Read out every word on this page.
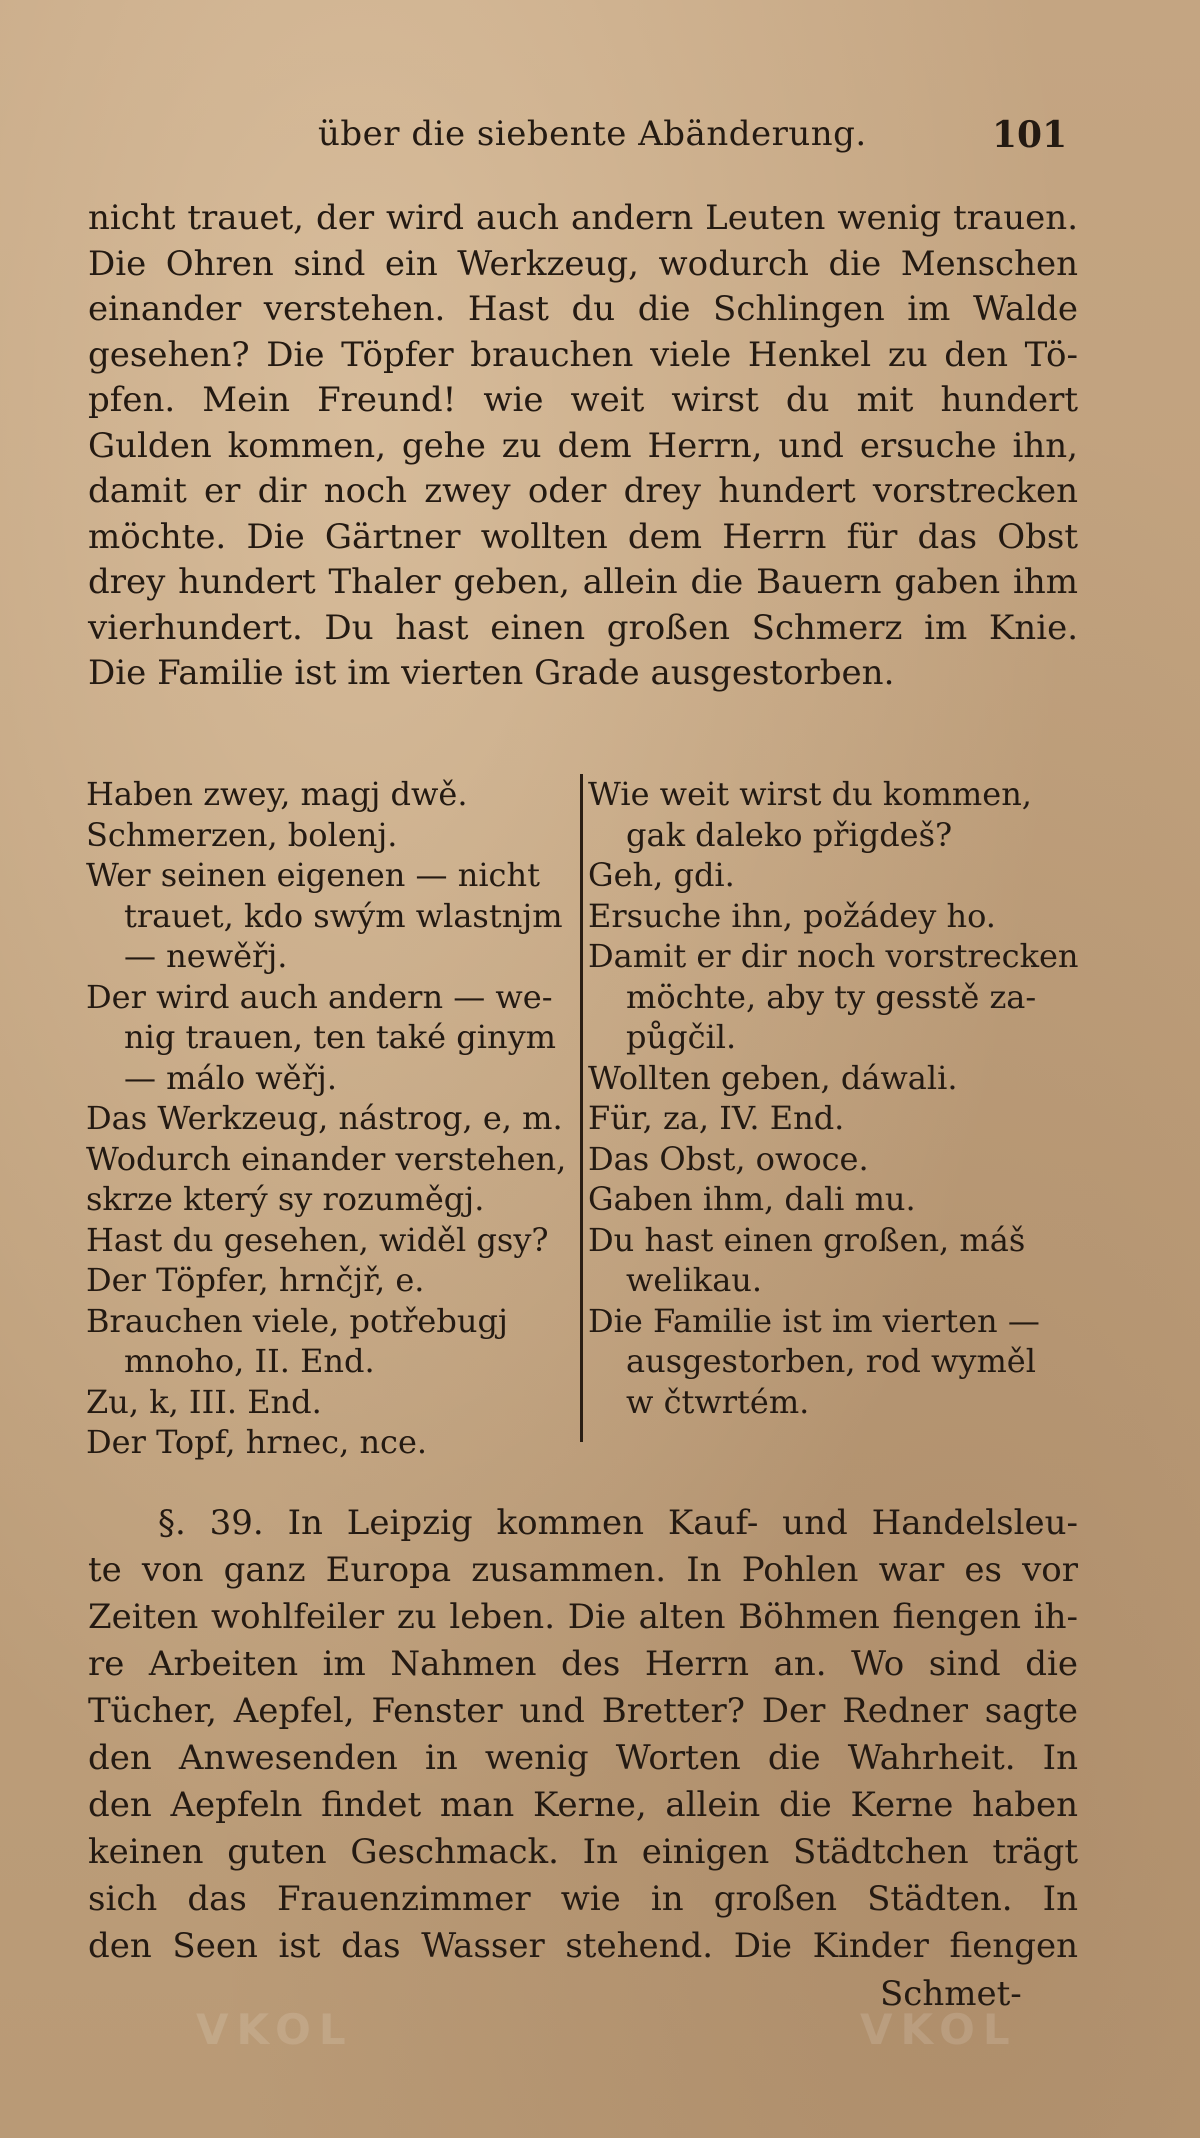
über die siebente Abänderung.	101
nicht trauet, der wird auch andern Leuten wenig trauen.
Die Ohren sind ein Werkzeug, wodurch die Menschen
einander verstehen. Hast du die Schlingen im Walde
gesehen? Die Töpfer brauchen viele Henkel zu den Tö-
pfen. Mein Freund! wie weit wirst du mit hundert
Gulden kommen, gehe zu dem Herrn, und ersuche ihn,
damit er dir noch zwey oder drey hundert vorstrecken
möchte. Die Gärtner wollten dem Herrn für das Obst
drey hundert Thaler geben, allein die Bauern gaben ihm
vierhundert. Du hast einen großen Schmerz im Knie.
Die Familie ist im vierten Grade ausgestorben.
Haben zwey, magj dwě.
Schmerzen, bolenj.
Wer seinen eigenen — nicht
trauet, kdo swým wlastnjm
— newěřj.
Der wird auch andern — we-
nig trauen, ten také ginym
— málo wěřj.
Das Werkzeug, nástrog, e, m.
Wodurch einander verstehen,
skrze který sy rozuměgj.
Hast du gesehen, widěl gsy?
Der Töpfer, hrnčjř, e.
Brauchen viele, potřebugj
mnoho, II. End.
Zu, k, III. End.
Der Topf, hrnec, nce.
Wie weit wirst du kommen,
gak daleko přigdeš?
Geh, gdi.
Ersuche ihn, požádey ho.
Damit er dir noch vorstrecken
möchte, aby ty gesstě za-
půgčil.
Wollten geben, dáwali.
Für, za, IV. End.
Das Obst, owoce.
Gaben ihm, dali mu.
Du hast einen großen, máš
welikau.
Die Familie ist im vierten —
ausgestorben, rod wyměl
w čtwrtém.
§. 39. In Leipzig kommen Kauf- und Handelsleu-
te von ganz Europa zusammen. In Pohlen war es vor
Zeiten wohlfeiler zu leben. Die alten Böhmen fiengen ih-
re Arbeiten im Nahmen des Herrn an. Wo sind die
Tücher, Aepfel, Fenster und Bretter? Der Redner sagte
den Anwesenden in wenig Worten die Wahrheit. In
den Aepfeln findet man Kerne, allein die Kerne haben
keinen guten Geschmack. In einigen Städtchen trägt
sich das Frauenzimmer wie in großen Städten. In
den Seen ist das Wasser stehend. Die Kinder fiengen
Schmet-
VKOL	VKOL
